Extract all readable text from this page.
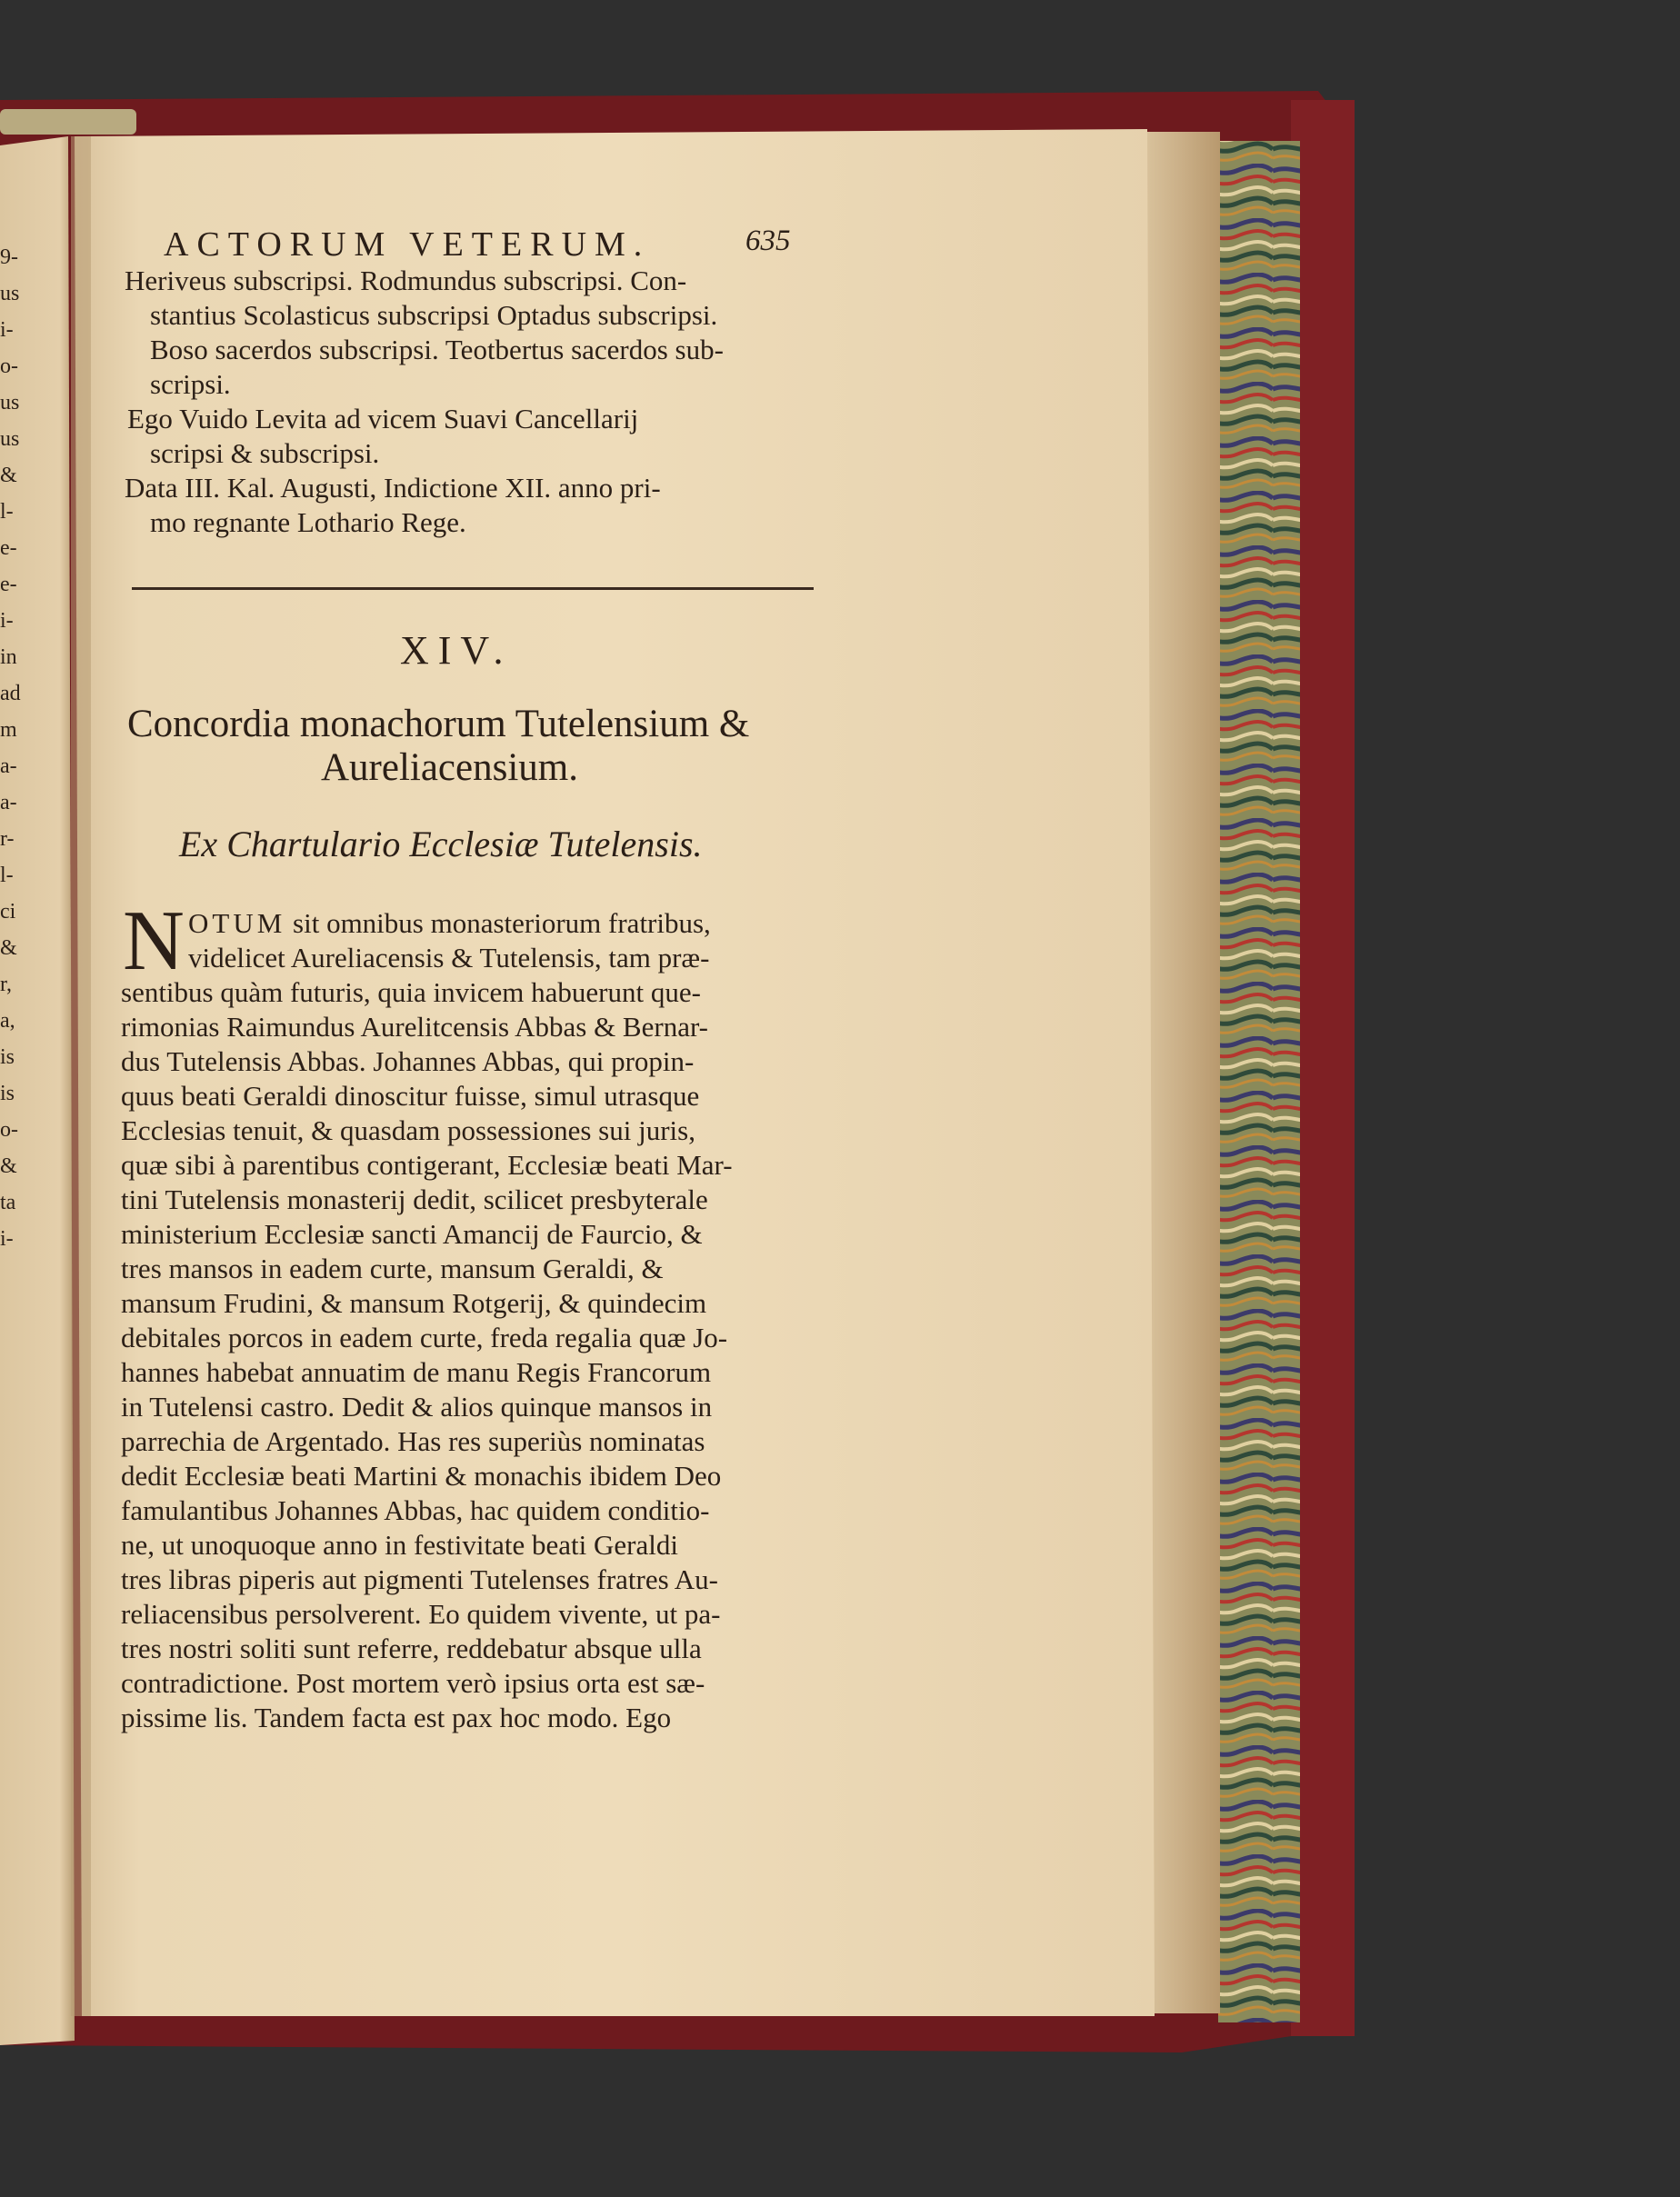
9-
us
i-
o-
us
us
&
l-
e-
e-
i-
in
ad
m
a-
a-
r-
l-
ci
&
r,
a,
is
is
o-
&
ta
i-
ACTORUM VETERUM.	635
Heriveus subscripsi. Rodmundus subscripsi. Con-
stantius Scolasticus subscripsi Optadus subscripsi.
Boso sacerdos subscripsi. Teotbertus sacerdos sub-
scripsi.
Ego Vuido Levita ad vicem Suavi Cancellarij
scripsi & subscripsi.
Data III. Kal. Augusti, Indictione XII. anno pri-
mo regnante Lothario Rege.
XIV.
Concordia monachorum Tutelensium &
Aureliacensium.
Ex Chartulario Ecclesiæ Tutelensis.
N OTUM sit omnibus monasteriorum fratribus,
videlicet Aureliacensis & Tutelensis, tam præ-
sentibus quàm futuris, quia invicem habuerunt que-
rimonias Raimundus Aurelitcensis Abbas & Bernar-
dus Tutelensis Abbas. Johannes Abbas, qui propin-
quus beati Geraldi dinoscitur fuisse, simul utrasque
Ecclesias tenuit, & quasdam possessiones sui juris,
quæ sibi à parentibus contigerant, Ecclesiæ beati Mar-
tini Tutelensis monasterij dedit, scilicet presbyterale
ministerium Ecclesiæ sancti Amancij de Faurcio, &
tres mansos in eadem curte, mansum Geraldi, &
mansum Frudini, & mansum Rotgerij, & quindecim
debitales porcos in eadem curte, freda regalia quæ Jo-
hannes habebat annuatim de manu Regis Francorum
in Tutelensi castro. Dedit & alios quinque mansos in
parrechia de Argentado. Has res superiùs nominatas
dedit Ecclesiæ beati Martini & monachis ibidem Deo
famulantibus Johannes Abbas, hac quidem conditio-
ne, ut unoquoque anno in festivitate beati Geraldi
tres libras piperis aut pigmenti Tutelenses fratres Au-
reliacensibus persolverent. Eo quidem vivente, ut pa-
tres nostri soliti sunt referre, reddebatur absque ulla
contradictione. Post mortem verò ipsius orta est sæ-
pissime lis. Tandem facta est pax hoc modo. Ego
